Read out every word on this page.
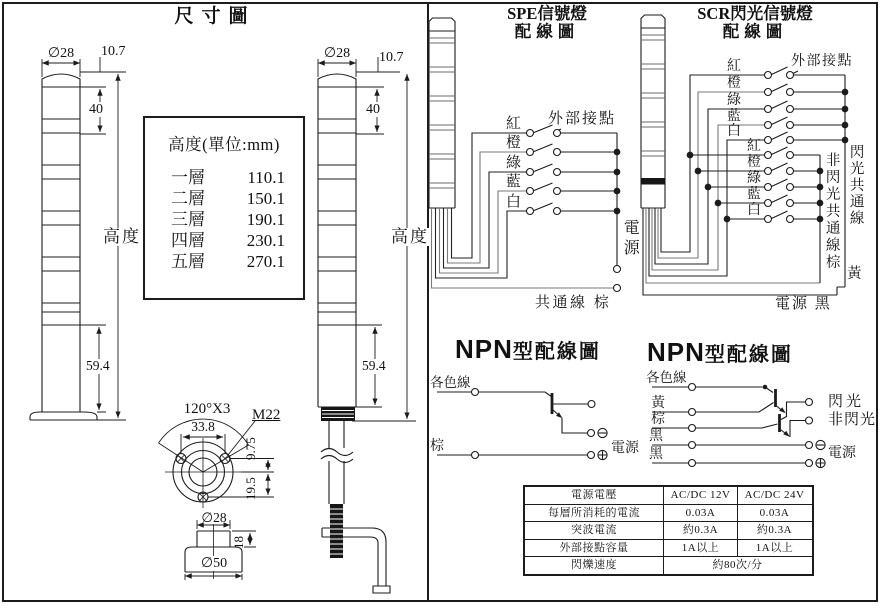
尺寸圖
∅28	10.7
40
高度
59.4
∅28	10.7
40
高度
59.4
高度(單位:mm)
一層 110.1
二層 150.1
三層 190.1
四層 230.1
五層 270.1
120°X3	M22
33.8
9.75
19.5
∅28
18
∅50
SPE信號燈
配線圖
外部接點
紅
橙
綠
藍
白
電源
共通線 棕
SCR閃光信號燈
配線圖
外部接點
紅
橙
綠
藍
白
紅
橙
綠
藍
白	閃光共通線
非閃光共通線棕
黃
電源 黑
NPN型配線圖
各色線
棕	電源
NPN型配線圖
各色線
黃
棕
黑
黑
閃光
非閃光
電源
電源電壓	AC/DC 12V	AC/DC 24V
每層所消耗的電流	0.03A	0.03A
突波電流	約0.3A	約0.3A
外部接點容量	1A以上	1A以上
閃爍速度	約80次/分
